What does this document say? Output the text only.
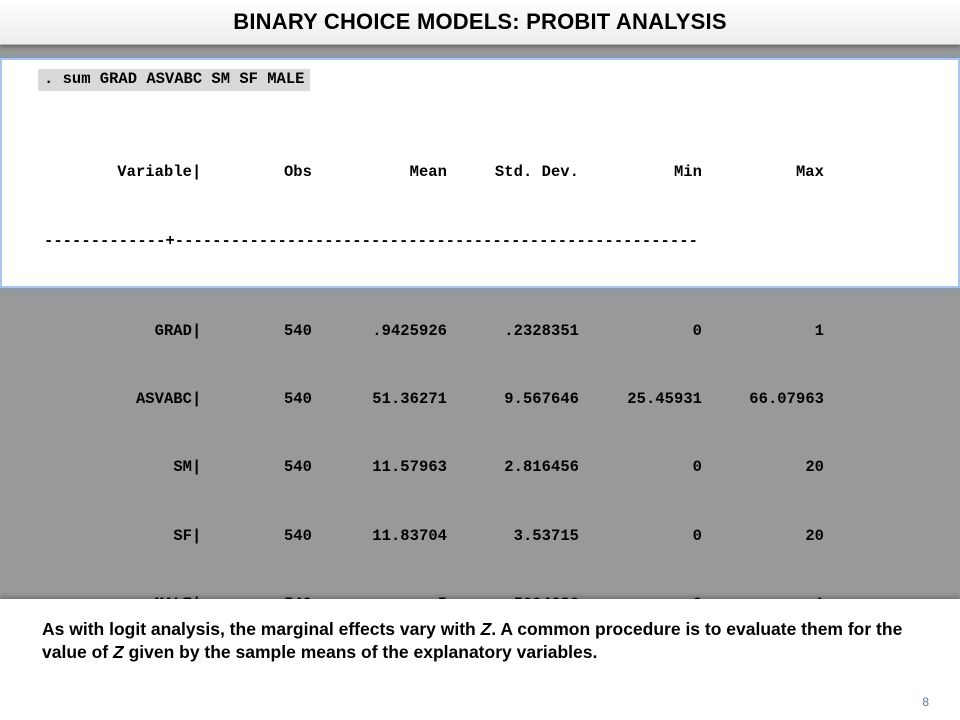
BINARY CHOICE MODELS: PROBIT ANALYSIS
. sum GRAD ASVABC SM SF MALE

Variable |	Obs	Mean	Std. Dev.	Min	Max

-------------+--------------------------------------------------------

GRAD |	540	.9425926	.2328351	0	1

ASVABC |	540	51.36271	9.567646	25.45931	66.07963

SM |	540	11.57963	2.816456	0	20

SF |	540	11.83704	3.53715	0	20

As with logit analysis, the marginal effects vary with Z. A common procedure is to evaluate them for the value of Z given by the sample means of the explanatory variables.
8
